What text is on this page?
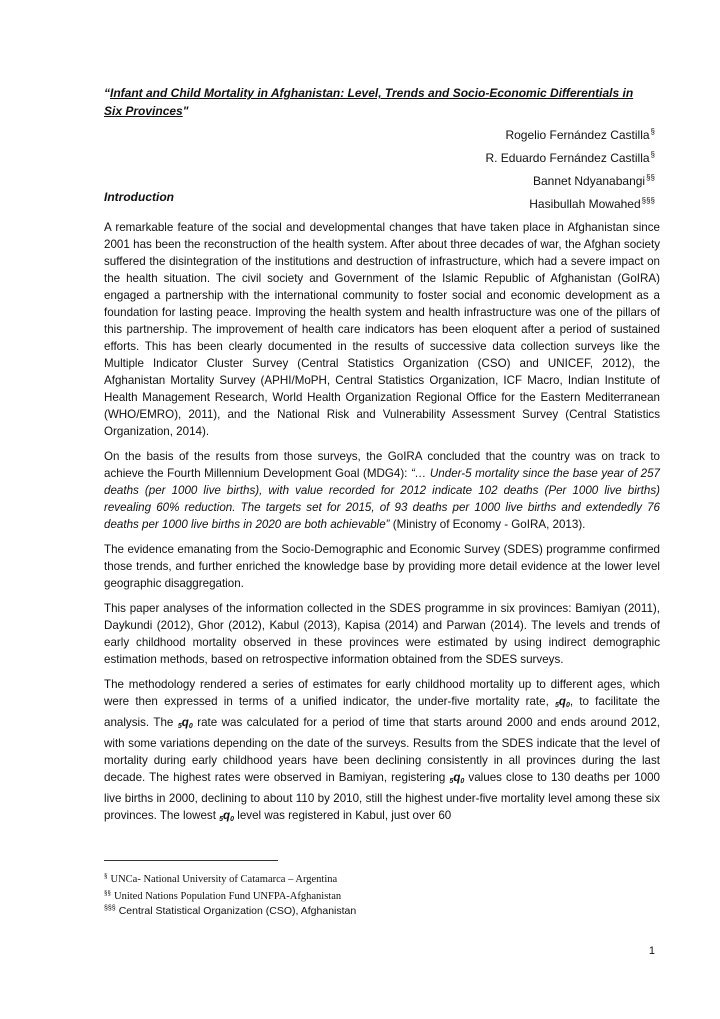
“Infant and Child Mortality in Afghanistan: Level, Trends and Socio-Economic Differentials in Six Provinces"
Rogelio Fernández Castilla§
R. Eduardo Fernández Castilla§
Bannet Ndyanabangi§§
Hasibullah Mowahed§§§
Introduction

A remarkable feature of the social and developmental changes that have taken place in Afghanistan since 2001 has been the reconstruction of the health system. After about three decades of war, the Afghan society suffered the disintegration of the institutions and destruction of infrastructure, which had a severe impact on the health situation. The civil society and Government of the Islamic Republic of Afghanistan (GoIRA) engaged a partnership with the international community to foster social and economic development as a foundation for lasting peace. Improving the health system and health infrastructure was one of the pillars of this partnership. The improvement of health care indicators has been eloquent after a period of sustained efforts. This has been clearly documented in the results of successive data collection surveys like the Multiple Indicator Cluster Survey (Central Statistics Organization (CSO) and UNICEF, 2012), the Afghanistan Mortality Survey (APHI/MoPH, Central Statistics Organization, ICF Macro, Indian Institute of Health Management Research, World Health Organization Regional Office for the Eastern Mediterranean (WHO/EMRO), 2011), and the National Risk and Vulnerability Assessment Survey (Central Statistics Organization, 2014).

On the basis of the results from those surveys, the GoIRA concluded that the country was on track to achieve the Fourth Millennium Development Goal (MDG4): “… Under-5 mortality since the base year of 257 deaths (per 1000 live births), with value recorded for 2012 indicate 102 deaths (Per 1000 live births) revealing 60% reduction. The targets set for 2015, of 93 deaths per 1000 live births and extendedly 76 deaths per 1000 live births in 2020 are both achievable” (Ministry of Economy - GoIRA, 2013).

The evidence emanating from the Socio-Demographic and Economic Survey (SDES) programme confirmed those trends, and further enriched the knowledge base by providing more detail evidence at the lower level geographic disaggregation.

This paper analyses of the information collected in the SDES programme in six provinces: Bamiyan (2011), Daykundi (2012), Ghor (2012), Kabul (2013), Kapisa (2014) and Parwan (2014). The levels and trends of early childhood mortality observed in these provinces were estimated by using indirect demographic estimation methods, based on retrospective information obtained from the SDES surveys.

The methodology rendered a series of estimates for early childhood mortality up to different ages, which were then expressed in terms of a unified indicator, the under-five mortality rate, $_5q_0$, to facilitate the analysis. The $_5q_0$ rate was calculated for a period of time that starts around 2000 and ends around 2012, with some variations depending on the date of the surveys. Results from the SDES indicate that the level of mortality during early childhood years have been declining consistently in all provinces during the last decade. The highest rates were observed in Bamiyan, registering $_5q_0$ values close to 130 deaths per 1000 live births in 2000, declining to about 110 by 2010, still the highest under-five mortality level among these six provinces. The lowest $_5q_0$ level was registered in Kabul, just over 60

§ UNCa- National University of Catamarca – Argentina
§§ United Nations Population Fund UNFPA-Afghanistan
§§§ Central Statistical Organization (CSO), Afghanistan
1
